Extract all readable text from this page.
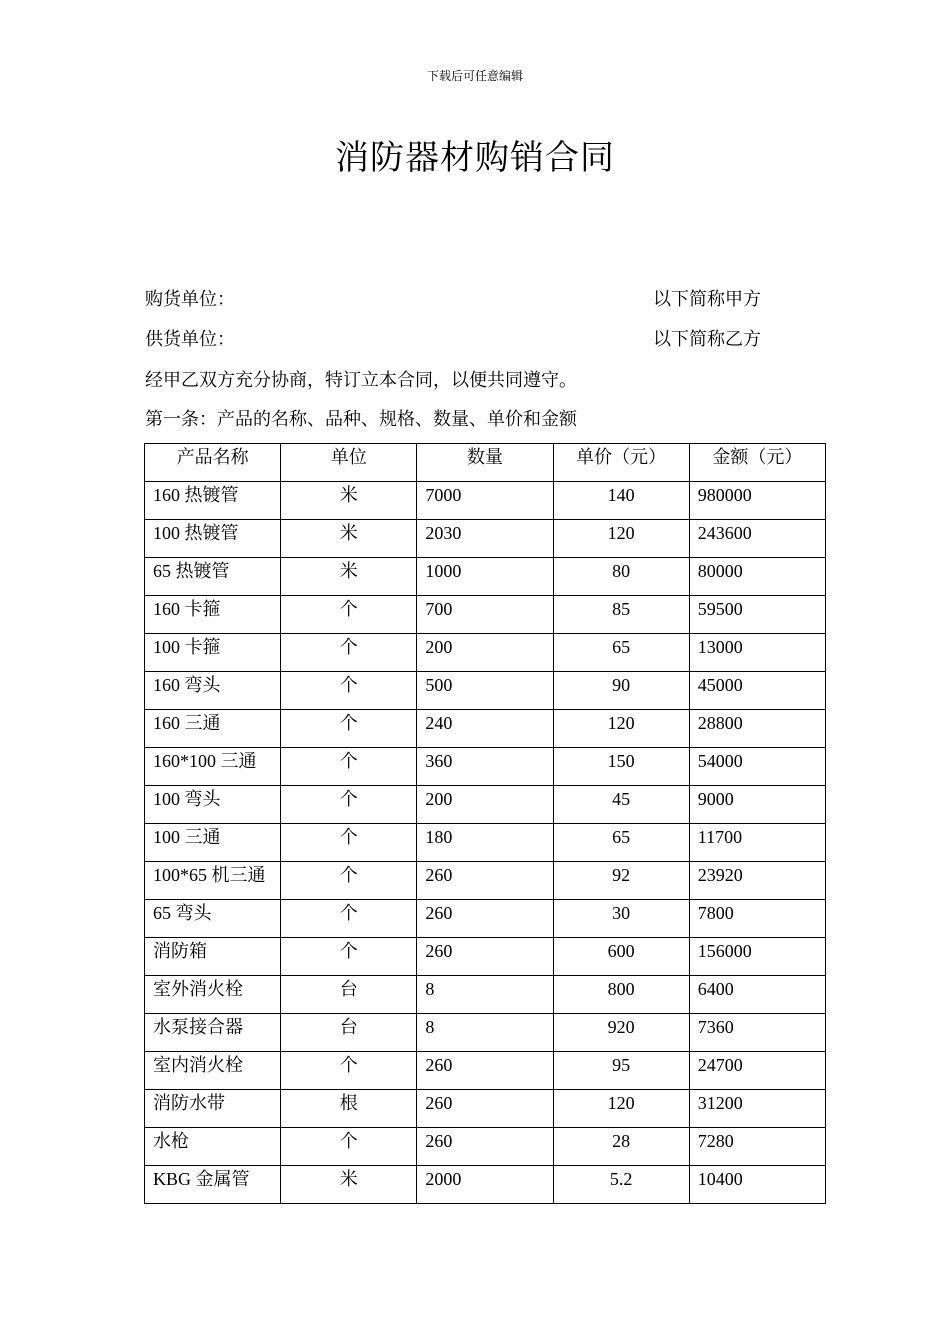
下载后可任意编辑
消防器材购销合同
购货单位：	以下简称甲方
供货单位：	以下简称乙方
经甲乙双方充分协商，特订立本合同，以便共同遵守。
第一条：产品的名称、品种、规格、数量、单价和金额
产品名称	单位	数量	单价（元）	金额（元）
160 热镀管	米	7000	140	980000
100 热镀管	米	2030	120	243600
65 热镀管	米	1000	80	80000
160 卡箍	个	700	85	59500
100 卡箍	个	200	65	13000
160 弯头	个	500	90	45000
160 三通	个	240	120	28800
160*100 三通	个	360	150	54000
100 弯头	个	200	45	9000
100 三通	个	180	65	11700
100*65 机三通	个	260	92	23920
65 弯头	个	260	30	7800
消防箱	个	260	600	156000
室外消火栓	台	8	800	6400
水泵接合器	台	8	920	7360
室内消火栓	个	260	95	24700
消防水带	根	260	120	31200
水枪	个	260	28	7280
KBG 金属管	米	2000	5.2	10400
